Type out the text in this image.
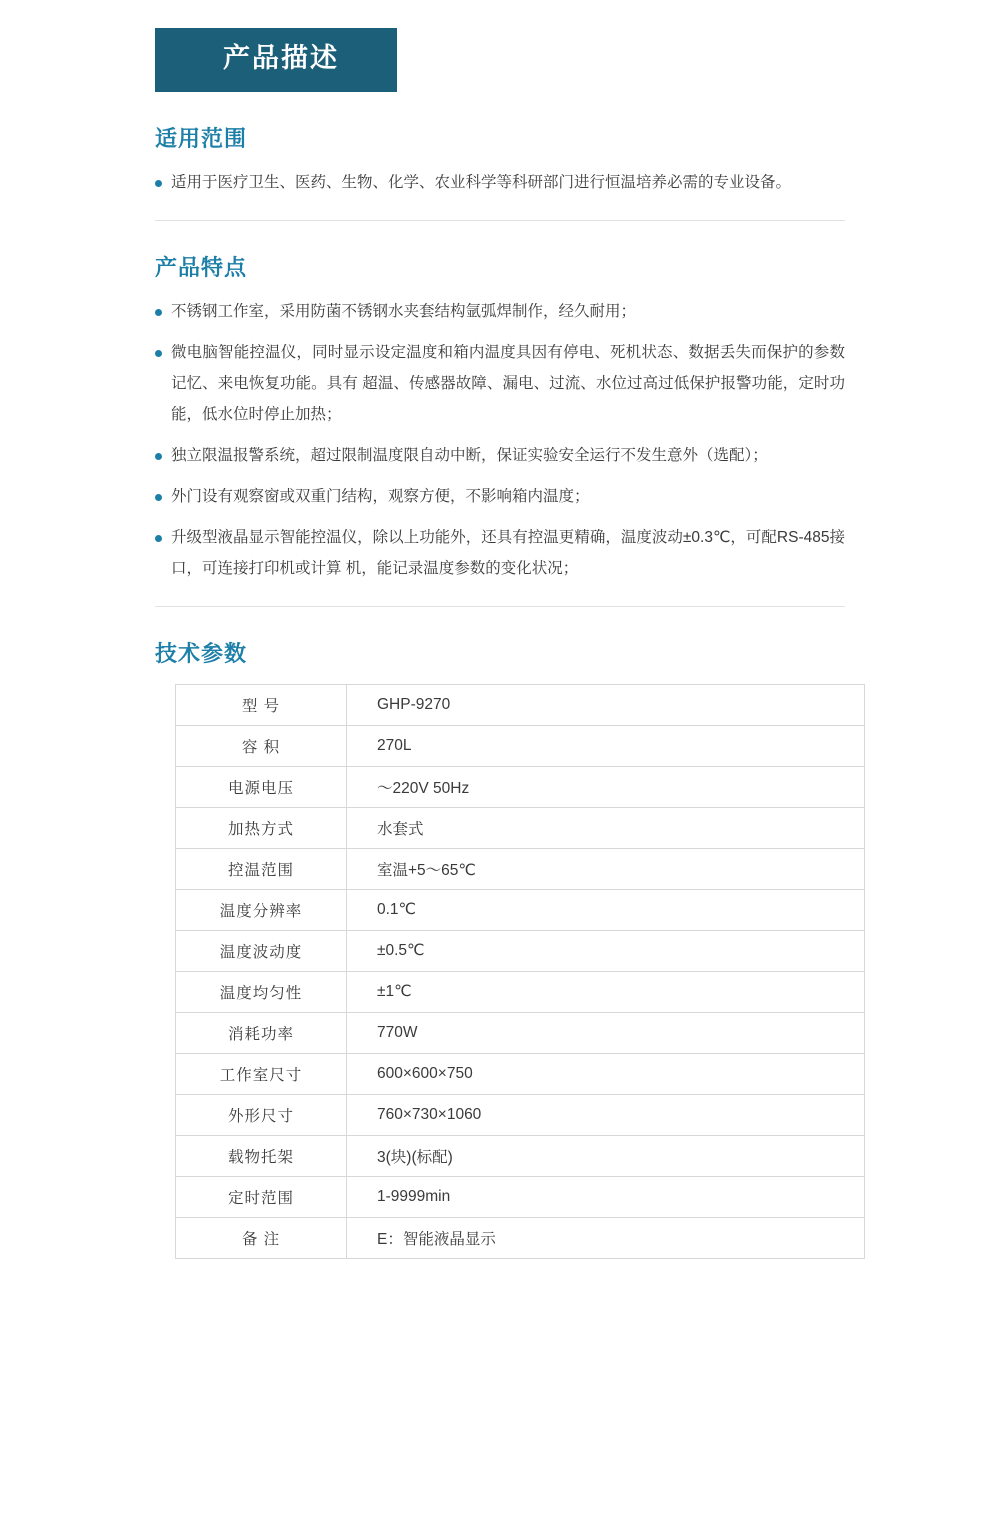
产品描述
适用范围
适用于医疗卫生、医药、生物、化学、农业科学等科研部门进行恒温培养必需的专业设备。
产品特点
不锈钢工作室，采用防菌不锈钢水夹套结构氩弧焊制作，经久耐用；
微电脑智能控温仪，同时显示设定温度和箱内温度具因有停电、死机状态、数据丢失而保护的参数记忆、来电恢复功能。具有 超温、传感器故障、漏电、过流、水位过高过低保护报警功能，定时功能，低水位时停止加热；
独立限温报警系统，超过限制温度限自动中断，保证实验安全运行不发生意外（选配）；
外门设有观察窗或双重门结构，观察方便，不影响箱内温度；
升级型液晶显示智能控温仪，除以上功能外，还具有控温更精确，温度波动±0.3℃，可配RS-485接口，可连接打印机或计算 机，能记录温度参数的变化状况；
技术参数
型 号	GHP-9270
容 积	270L
电源电压	～220V 50Hz
加热方式	水套式
控温范围	室温+5～65℃
温度分辨率	0.1℃
温度波动度	±0.5℃
温度均匀性	±1℃
消耗功率	770W
工作室尺寸	600×600×750
外形尺寸	760×730×1060
载物托架	3(块)(标配)
定时范围	1-9999min
备 注	E：智能液晶显示
